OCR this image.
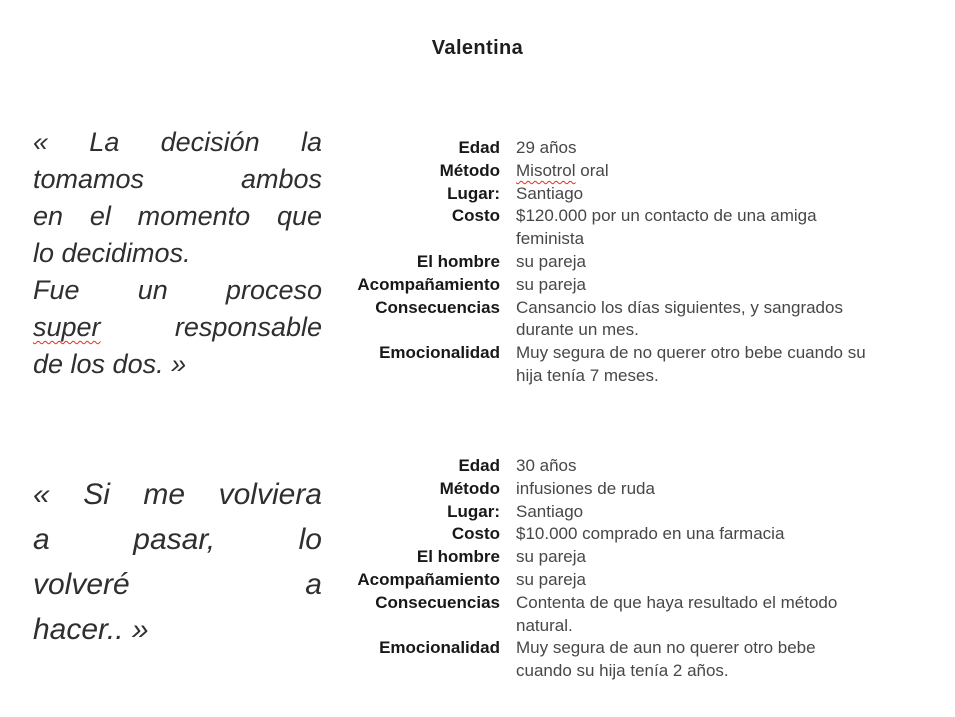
Valentina
« La decisión la
tomamos ambos
en el momento que
lo decidimos.
Fue un proceso
super	responsable
de los dos. »
« Si me volviera
a pasar, lo
volveré a
hacer.. »
Edad 29 años
Método Misotrol oral
Lugar: Santiago
Costo $120.000 por un contacto de una amiga
feminista
El hombre su pareja
Acompañamiento su pareja
Consecuencias Cansancio los días siguientes, y sangrados
durante un mes.
Emocionalidad Muy segura de no querer otro bebe cuando su
hija tenía 7 meses.
Edad 30 años
Método infusiones de ruda
Lugar: Santiago
Costo $10.000 comprado en una farmacia
El hombre su pareja
Acompañamiento su pareja
Consecuencias Contenta de que haya resultado el método
natural.
Emocionalidad Muy segura de aun no querer otro bebe
cuando su hija tenía 2 años.
